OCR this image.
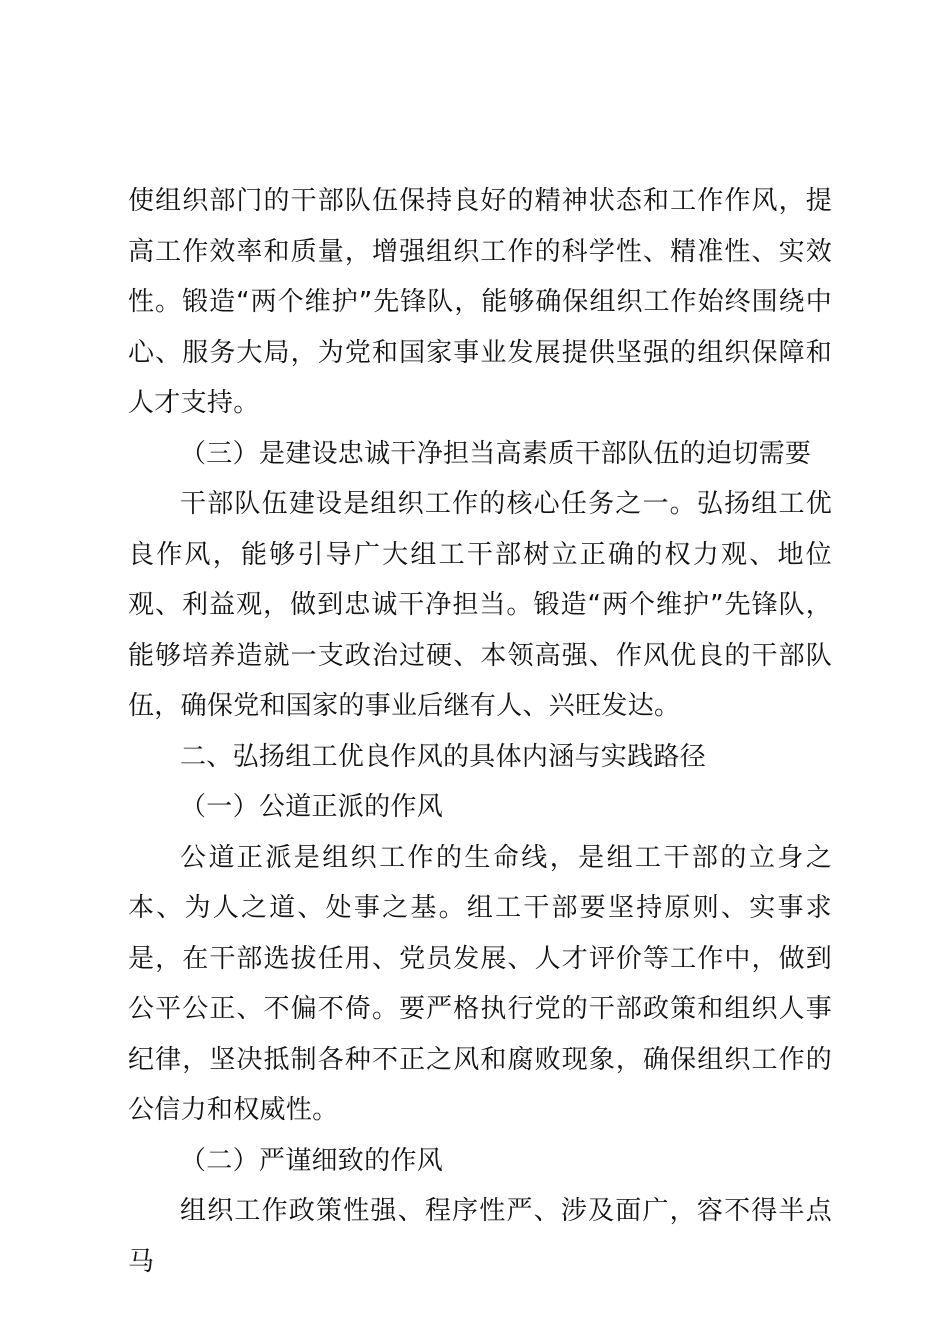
使组织部门的干部队伍保持良好的精神状态和工作作风，提高工作效率和质量，增强组织工作的科学性、精准性、实效性。锻造“两个维护”先锋队，能够确保组织工作始终围绕中心、服务大局，为党和国家事业发展提供坚强的组织保障和人才支持。

（三）是建设忠诚干净担当高素质干部队伍的迫切需要

干部队伍建设是组织工作的核心任务之一。弘扬组工优良作风，能够引导广大组工干部树立正确的权力观、地位观、利益观，做到忠诚干净担当。锻造“两个维护”先锋队，能够培养造就一支政治过硬、本领高强、作风优良的干部队伍，确保党和国家的事业后继有人、兴旺发达。

二、弘扬组工优良作风的具体内涵与实践路径

（一）公道正派的作风

公道正派是组织工作的生命线，是组工干部的立身之本、为人之道、处事之基。组工干部要坚持原则、实事求是，在干部选拔任用、党员发展、人才评价等工作中，做到公平公正、不偏不倚。要严格执行党的干部政策和组织人事纪律，坚决抵制各种不正之风和腐败现象，确保组织工作的公信力和权威性。

（二）严谨细致的作风

组织工作政策性强、程序性严、涉及面广，容不得半点马
